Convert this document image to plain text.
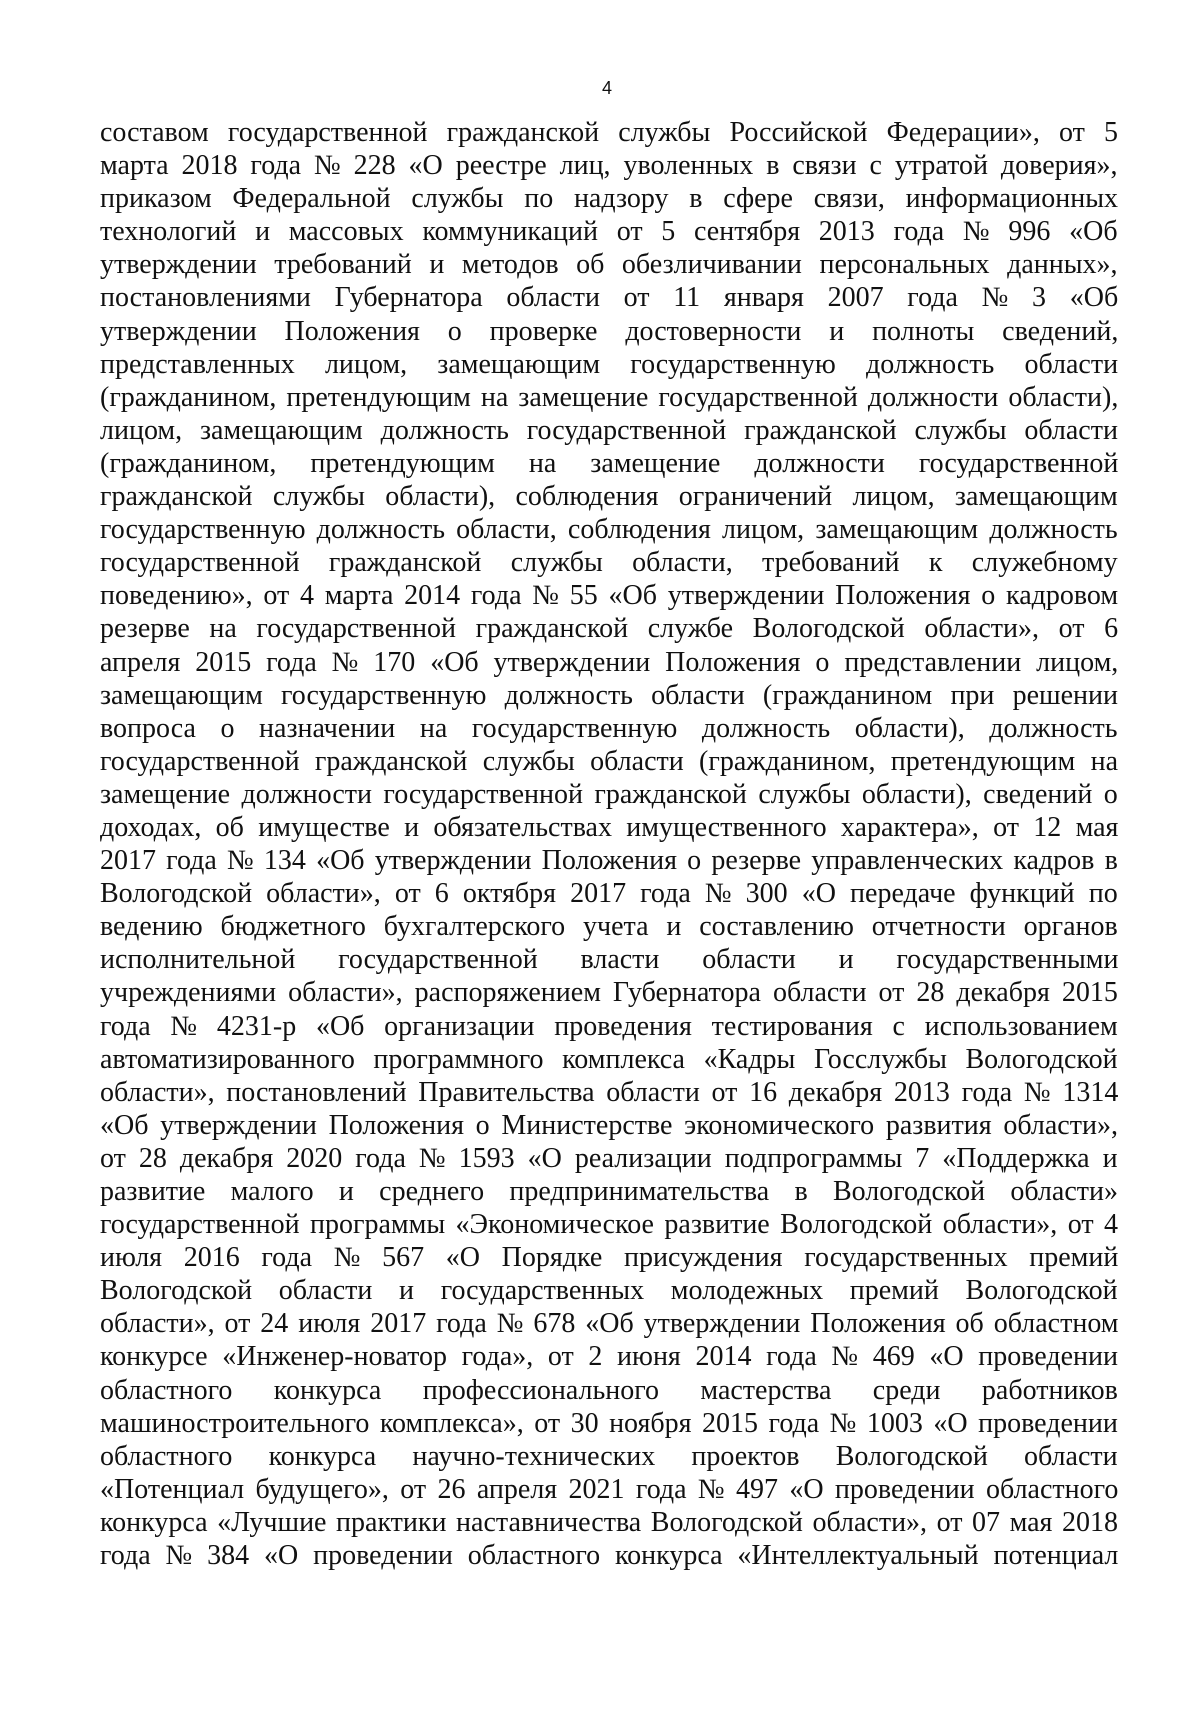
4
составом государственной гражданской службы Российской Федерации», от 5
марта 2018 года № 228 «О реестре лиц, уволенных в связи с утратой доверия»,
приказом Федеральной службы по надзору в сфере связи, информационных
технологий и массовых коммуникаций от 5 сентября 2013 года № 996 «Об
утверждении требований и методов об обезличивании персональных данных»,
постановлениями Губернатора области от 11 января 2007 года № 3 «Об
утверждении Положения о проверке достоверности и полноты сведений,
представленных лицом, замещающим государственную должность области
(гражданином, претендующим на замещение государственной должности области),
лицом, замещающим должность государственной гражданской службы области
(гражданином, претендующим на замещение должности государственной
гражданской службы области), соблюдения ограничений лицом, замещающим
государственную должность области, соблюдения лицом, замещающим должность
государственной гражданской службы области, требований к служебному
поведению», от 4 марта 2014 года № 55 «Об утверждении Положения о кадровом
резерве на государственной гражданской службе Вологодской области», от 6
апреля 2015 года № 170 «Об утверждении Положения о представлении лицом,
замещающим государственную должность области (гражданином при решении
вопроса о назначении на государственную должность области), должность
государственной гражданской службы области (гражданином, претендующим на
замещение должности государственной гражданской службы области), сведений о
доходах, об имуществе и обязательствах имущественного характера», от 12 мая
2017 года № 134 «Об утверждении Положения о резерве управленческих кадров в
Вологодской области», от 6 октября 2017 года № 300 «О передаче функций по
ведению бюджетного бухгалтерского учета и составлению отчетности органов
исполнительной государственной власти области и государственными
учреждениями области», распоряжением Губернатора области от 28 декабря 2015
года № 4231-р «Об организации проведения тестирования с использованием
автоматизированного программного комплекса «Кадры Госслужбы Вологодской
области», постановлений Правительства области от 16 декабря 2013 года № 1314
«Об утверждении Положения о Министерстве экономического развития области»,
от 28 декабря 2020 года № 1593 «О реализации подпрограммы 7 «Поддержка и
развитие малого и среднего предпринимательства в Вологодской области»
государственной программы «Экономическое развитие Вологодской области», от 4
июля 2016 года № 567 «О Порядке присуждения государственных премий
Вологодской области и государственных молодежных премий Вологодской
области», от 24 июля 2017 года № 678 «Об утверждении Положения об областном
конкурсе «Инженер-новатор года», от 2 июня 2014 года № 469 «О проведении
областного конкурса профессионального мастерства среди работников
машиностроительного комплекса», от 30 ноября 2015 года № 1003 «О проведении
областного конкурса научно-технических проектов Вологодской области
«Потенциал будущего», от 26 апреля 2021 года № 497 «О проведении областного
конкурса «Лучшие практики наставничества Вологодской области», от 07 мая 2018
года № 384 «О проведении областного конкурса «Интеллектуальный потенциал
